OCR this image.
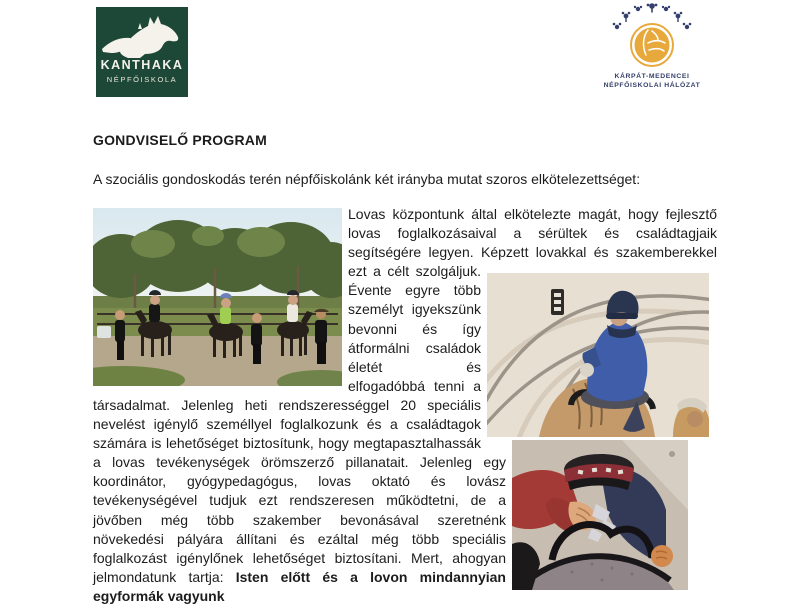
KANTHAKA
NÉPFŐISKOLA	KÁRPÁT-MEDENCEI
NÉPFŐISKOLAI HÁLÓZAT
GONDVISELŐ PROGRAM
A szociális gondoskodás terén népfőiskolánk két irányba mutat szoros elkötelezettséget:
Lovas központunk által elkötelezte magát, hogy fejlesztő lovas foglalkozásaival a sérültek és családtagjaik segítségére legyen. Képzett lovakkal és szakemberekkel ezt a célt szolgáljuk. Évente egyre több személyt igyekszünk bevonni és így átformálni családok életét és elfogadóbbá tenni a társadalmat. Jelenleg heti rendszerességgel 20 speciális nevelést igénylő személlyel foglalkozunk és a családtagok számára is lehetőséget biztosítunk, hogy megtapasztalhassák a lovas tevékenységek örömszerző pillanatait. Jelenleg egy koordinátor, gyógypedagógus, lovas oktató és lovász tevékenységével tudjuk ezt rendszeresen működtetni, de a jövőben még több szakember bevonásával szeretnénk növekedési pályára állítani és ezáltal még több speciális foglalkozást igénylőnek lehetőséget biztosítani. Mert, ahogyan jelmondatunk tartja: Isten előtt és a lovon mindannyian egyformák vagyunk
